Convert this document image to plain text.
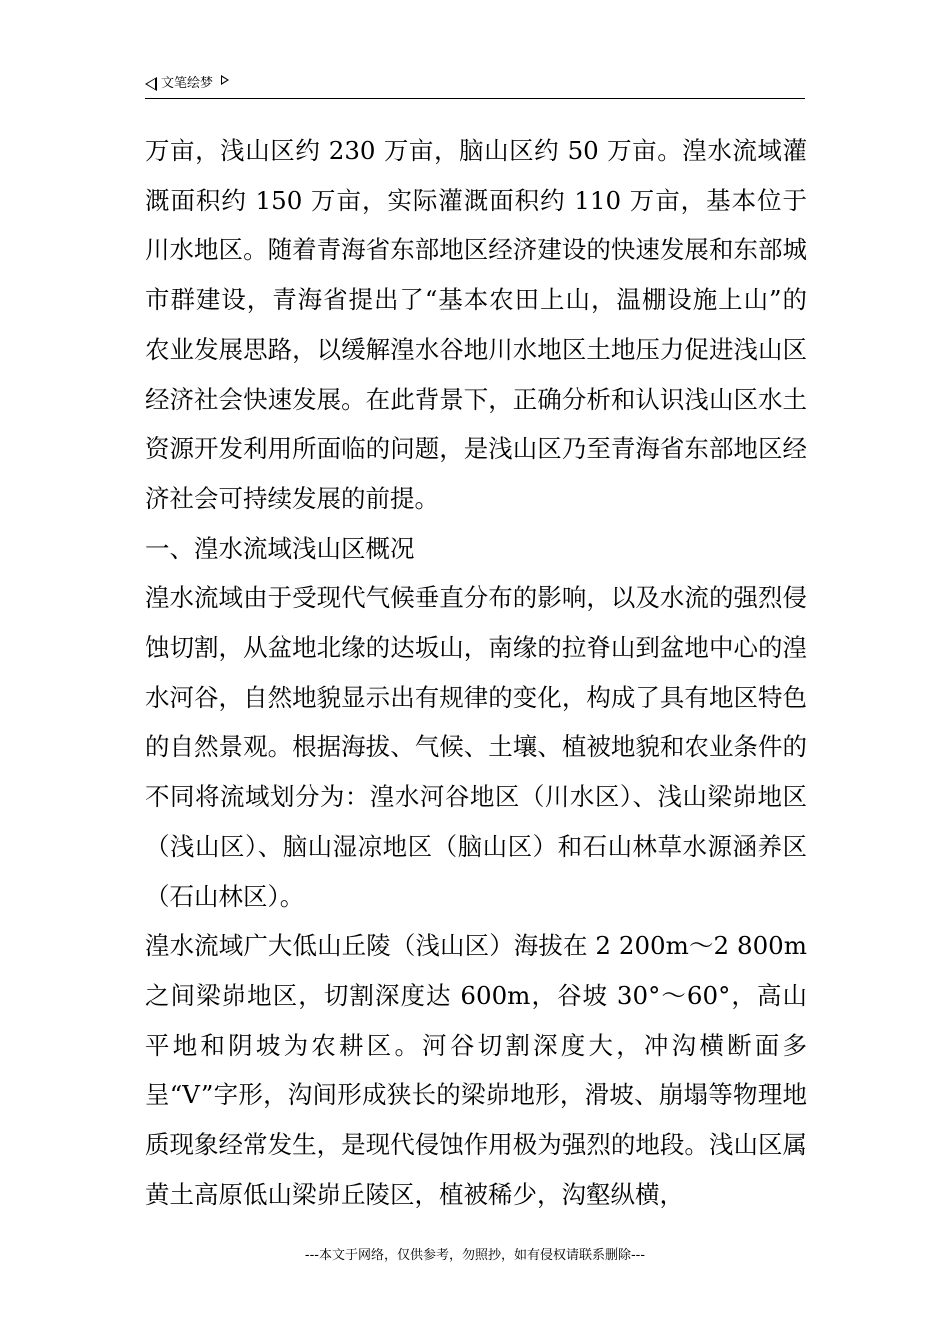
文笔绘梦

万亩，浅山区约 230 万亩，脑山区约 50 万亩。湟水流域灌溉面积约 150 万亩，实际灌溉面积约 110 万亩，基本位于川水地区。随着青海省东部地区经济建设的快速发展和东部城市群建设，青海省提出了“基本农田上山，温棚设施上山”的农业发展思路，以缓解湟水谷地川水地区土地压力促进浅山区经济社会快速发展。在此背景下，正确分析和认识浅山区水土资源开发利用所面临的问题，是浅山区乃至青海省东部地区经济社会可持续发展的前提。

一、湟水流域浅山区概况

湟水流域由于受现代气候垂直分布的影响，以及水流的强烈侵蚀切割，从盆地北缘的达坂山，南缘的拉脊山到盆地中心的湟水河谷，自然地貌显示出有规律的变化，构成了具有地区特色的自然景观。根据海拔、气候、土壤、植被地貌和农业条件的不同将流域划分为：湟水河谷地区（川水区）、浅山梁峁地区（浅山区）、脑山湿凉地区（脑山区）和石山林草水源涵养区（石山林区）。

湟水流域广大低山丘陵（浅山区）海拔在 2 200m～2 800m 之间梁峁地区，切割深度达 600m，谷坡 30°～60°，高山平地和阴坡为农耕区。河谷切割深度大，冲沟横断面多呈“V”字形，沟间形成狭长的梁峁地形，滑坡、崩塌等物理地质现象经常发生，是现代侵蚀作用极为强烈的地段。浅山区属黄土高原低山梁峁丘陵区，植被稀少，沟壑纵横，

---本文于网络，仅供参考，勿照抄，如有侵权请联系删除---
